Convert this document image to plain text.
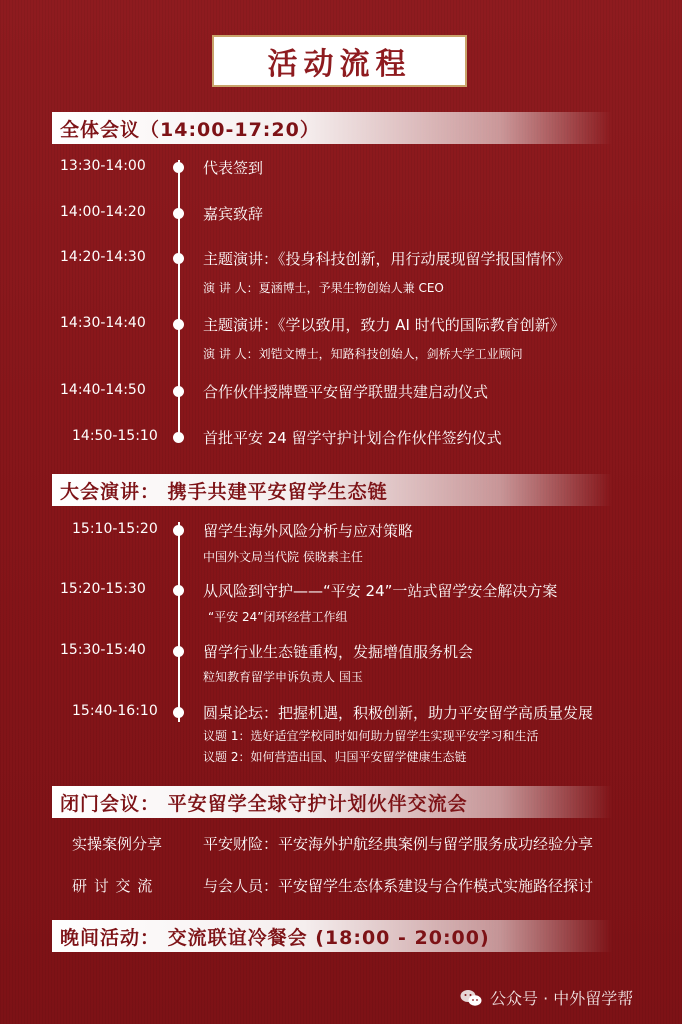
活动流程
全体会议（14:00-17:20）
13:30-14:00	代表签到
14:00-14:20	嘉宾致辞
14:20-14:30	主题演讲：《投身科技创新，用行动展现留学报国情怀》
演 讲 人：夏涵博士，予果生物创始人兼 CEO
14:30-14:40	主题演讲：《学以致用，致力 AI 时代的国际教育创新》
演 讲 人：刘铠文博士，知路科技创始人，剑桥大学工业顾问
14:40-14:50	合作伙伴授牌暨平安留学联盟共建启动仪式
14:50-15:10	首批平安 24 留学守护计划合作伙伴签约仪式
大会演讲： 携手共建平安留学生态链
15:10-15:20	留学生海外风险分析与应对策略
中国外文局当代院 侯晓素主任
15:20-15:30	从风险到守护——“平安 24”一站式留学安全解决方案
“平安 24”闭环经营工作组
15:30-15:40	留学行业生态链重构，发掘增值服务机会
粒知教育留学申诉负责人 国玉
15:40-16:10	圆桌论坛：把握机遇，积极创新，助力平安留学高质量发展
议题 1：选好适宜学校同时如何助力留学生实现平安学习和生活
议题 2：如何营造出国、归国平安留学健康生态链
闭门会议： 平安留学全球守护计划伙伴交流会
实操案例分享	平安财险：平安海外护航经典案例与留学服务成功经验分享
研 讨 交 流	与会人员：平安留学生态体系建设与合作模式实施路径探讨
晚间活动： 交流联谊冷餐会 (18:00 - 20:00)
公众号 · 中外留学帮
